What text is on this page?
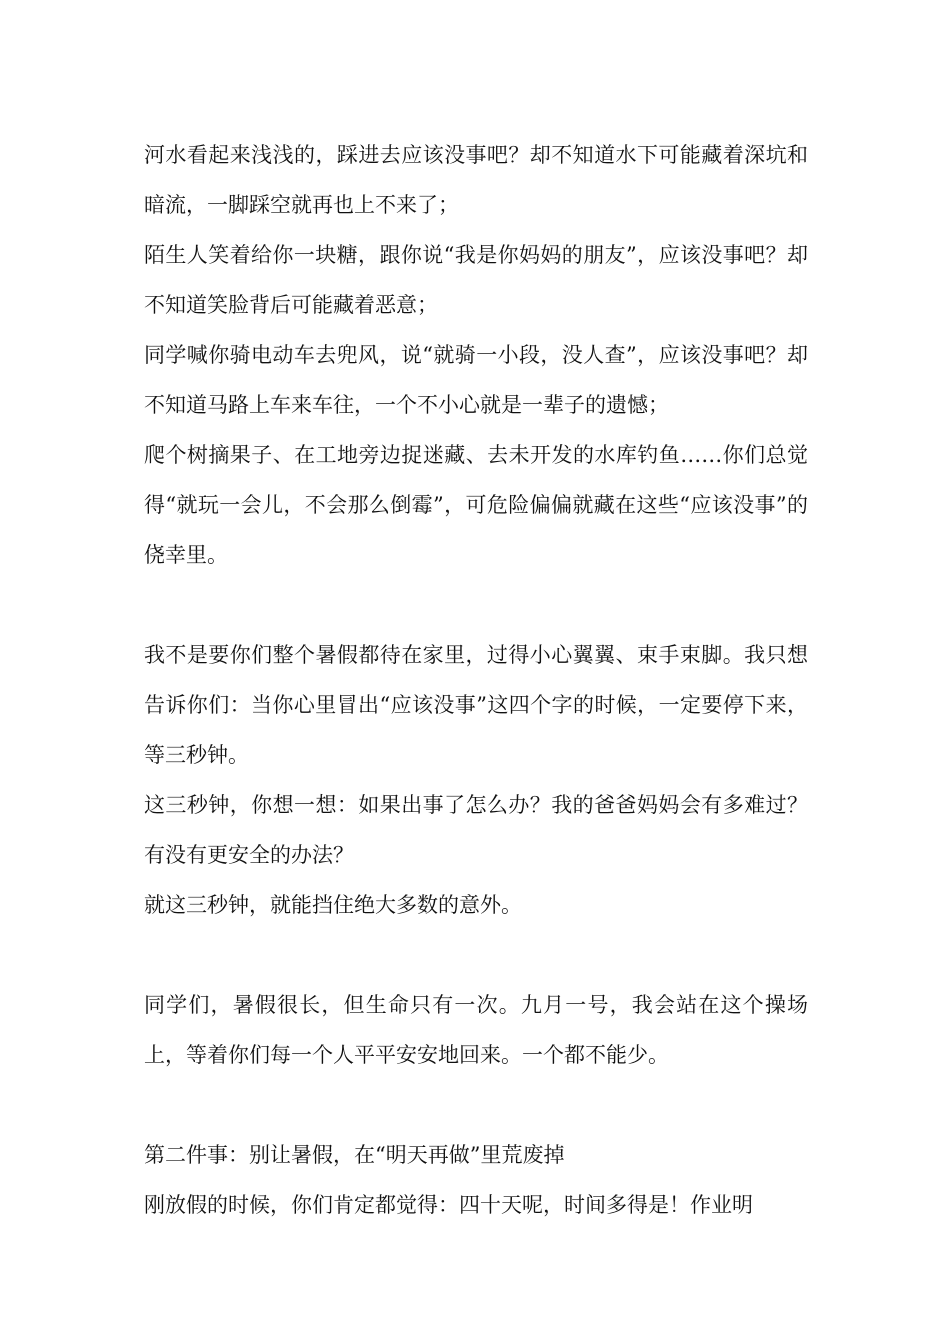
河水看起来浅浅的，踩进去应该没事吧？却不知道水下可能藏着深坑和暗流，一脚踩空就再也上不来了；

陌生人笑着给你一块糖，跟你说“我是你妈妈的朋友”，应该没事吧？却不知道笑脸背后可能藏着恶意；

同学喊你骑电动车去兜风，说“就骑一小段，没人查”，应该没事吧？却不知道马路上车来车往，一个不小心就是一辈子的遗憾；

爬个树摘果子、在工地旁边捉迷藏、去未开发的水库钓鱼……你们总觉得“就玩一会儿，不会那么倒霉”，可危险偏偏就藏在这些“应该没事”的侥幸里。

我不是要你们整个暑假都待在家里，过得小心翼翼、束手束脚。我只想告诉你们：当你心里冒出“应该没事”这四个字的时候，一定要停下来，等三秒钟。

这三秒钟，你想一想：如果出事了怎么办？我的爸爸妈妈会有多难过？有没有更安全的办法？

就这三秒钟，就能挡住绝大多数的意外。

同学们，暑假很长，但生命只有一次。九月一号，我会站在这个操场上，等着你们每一个人平平安安地回来。一个都不能少。

第二件事：别让暑假，在“明天再做”里荒废掉

刚放假的时候，你们肯定都觉得：四十天呢，时间多得是！作业明
